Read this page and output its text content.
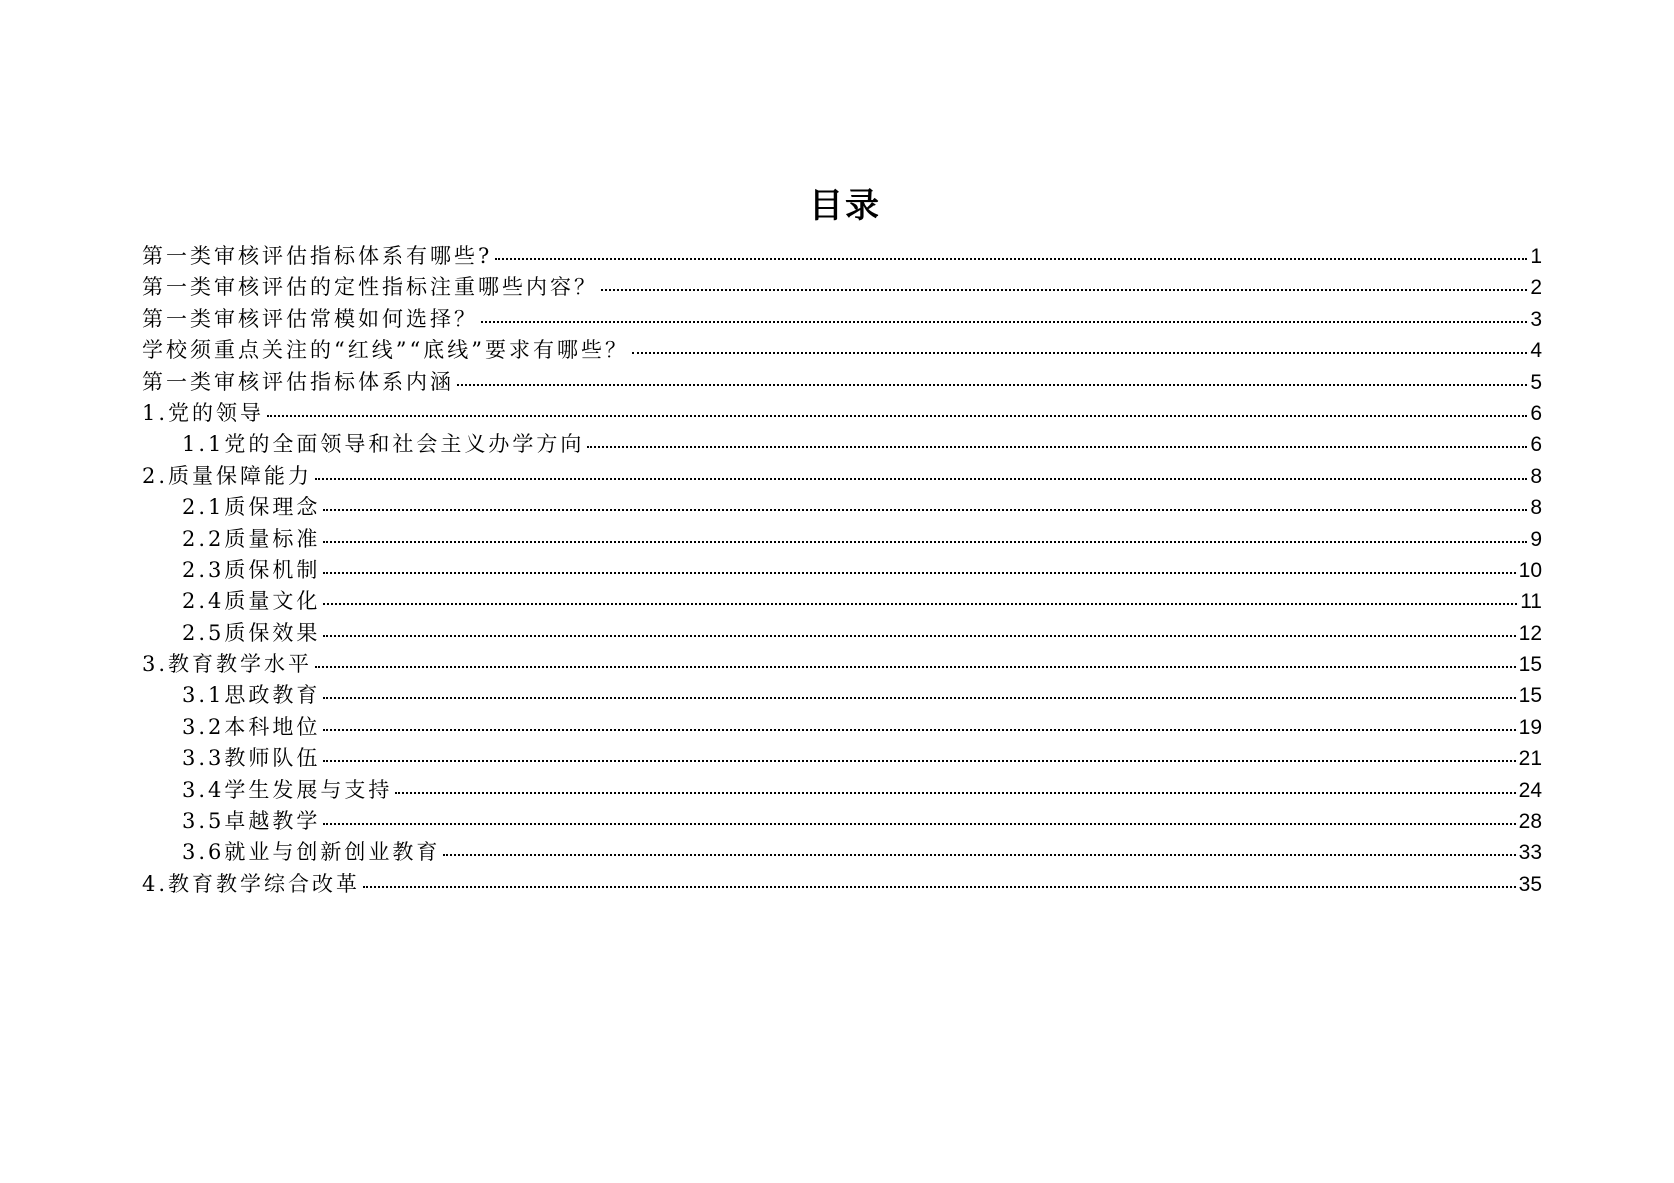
目录
第一类审核评估指标体系有哪些?	1
第一类审核评估的定性指标注重哪些内容？	2
第一类审核评估常模如何选择？	3
学校须重点关注的“红线”“底线”要求有哪些？	4
第一类审核评估指标体系内涵	5
1.党的领导	6
1.1党的全面领导和社会主义办学方向	6
2.质量保障能力	8
2.1质保理念	8
2.2质量标准	9
2.3质保机制	10
2.4质量文化	11
2.5质保效果	12
3.教育教学水平	15
3.1思政教育	15
3.2本科地位	19
3.3教师队伍	21
3.4学生发展与支持	24
3.5卓越教学	28
3.6就业与创新创业教育	33
4.教育教学综合改革	35
